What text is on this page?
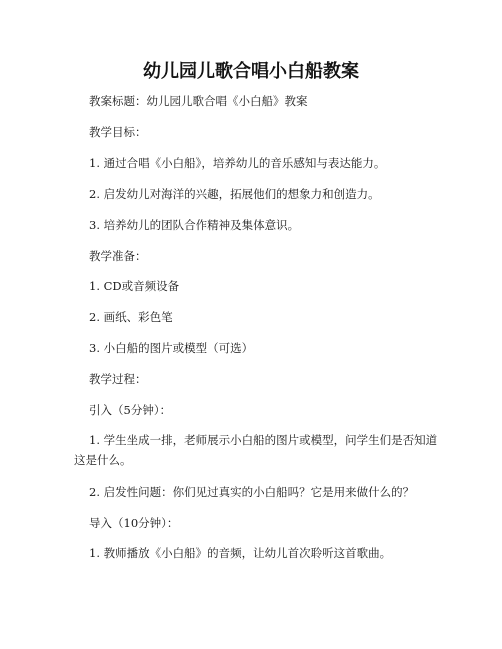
幼儿园儿歌合唱小白船教案

教案标题：幼儿园儿歌合唱《小白船》教案

教学目标：

1. 通过合唱《小白船》，培养幼儿的音乐感知与表达能力。

2. 启发幼儿对海洋的兴趣，拓展他们的想象力和创造力。

3. 培养幼儿的团队合作精神及集体意识。

教学准备：

1. CD或音频设备

2. 画纸、彩色笔

3. 小白船的图片或模型（可选）

教学过程：

引入（5分钟）：

1. 学生坐成一排，老师展示小白船的图片或模型，问学生们是否知道这是什么。

2. 启发性问题：你们见过真实的小白船吗？它是用来做什么的？

导入（10分钟）：

1. 教师播放《小白船》的音频，让幼儿首次聆听这首歌曲。
